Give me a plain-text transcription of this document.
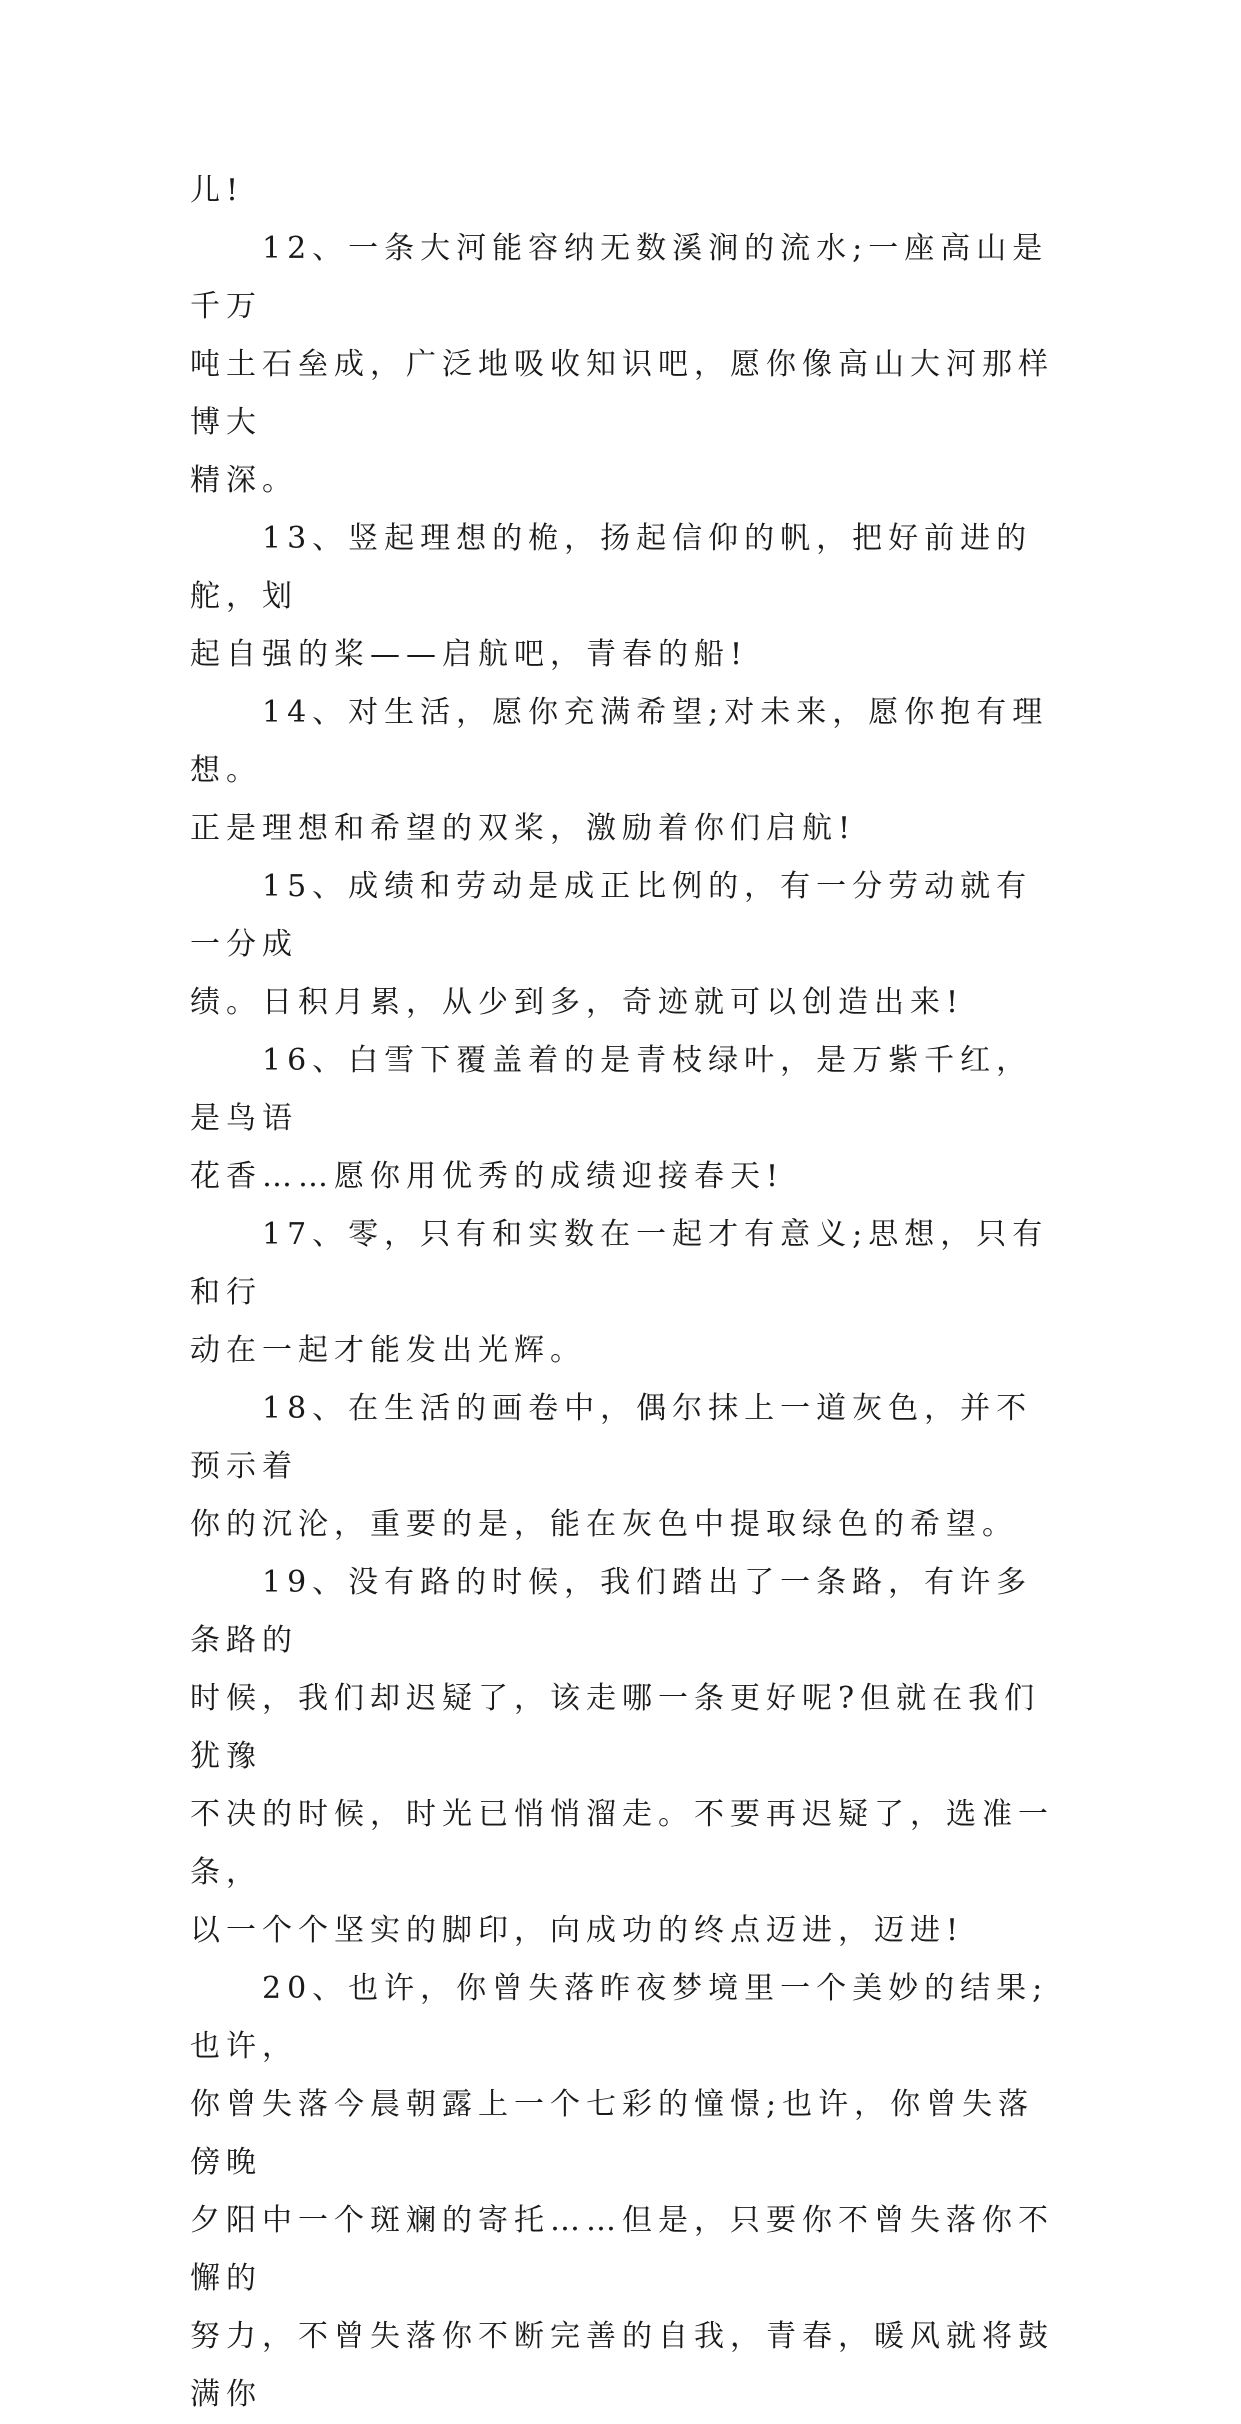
儿!
　　12、一条大河能容纳无数溪涧的流水;一座高山是千万
吨土石垒成，广泛地吸收知识吧，愿你像高山大河那样博大
精深。
　　13、竖起理想的桅，扬起信仰的帆，把好前进的舵，划
起自强的桨——启航吧，青春的船!
　　14、对生活，愿你充满希望;对未来，愿你抱有理想。
正是理想和希望的双桨，激励着你们启航!
　　15、成绩和劳动是成正比例的，有一分劳动就有一分成
绩。日积月累，从少到多，奇迹就可以创造出来!
　　16、白雪下覆盖着的是青枝绿叶，是万紫千红，是鸟语
花香……愿你用优秀的成绩迎接春天!
　　17、零，只有和实数在一起才有意义;思想，只有和行
动在一起才能发出光辉。
　　18、在生活的画卷中，偶尔抹上一道灰色，并不预示着
你的沉沦，重要的是，能在灰色中提取绿色的希望。
　　19、没有路的时候，我们踏出了一条路，有许多条路的
时候，我们却迟疑了，该走哪一条更好呢?但就在我们犹豫
不决的时候，时光已悄悄溜走。不要再迟疑了，选准一条，
以一个个坚实的脚印，向成功的终点迈进，迈进!
　　20、也许，你曾失落昨夜梦境里一个美妙的结果;也许，
你曾失落今晨朝露上一个七彩的憧憬;也许，你曾失落傍晚
夕阳中一个斑斓的寄托……但是，只要你不曾失落你不懈的
努力，不曾失落你不断完善的自我，青春，暖风就将鼓满你
